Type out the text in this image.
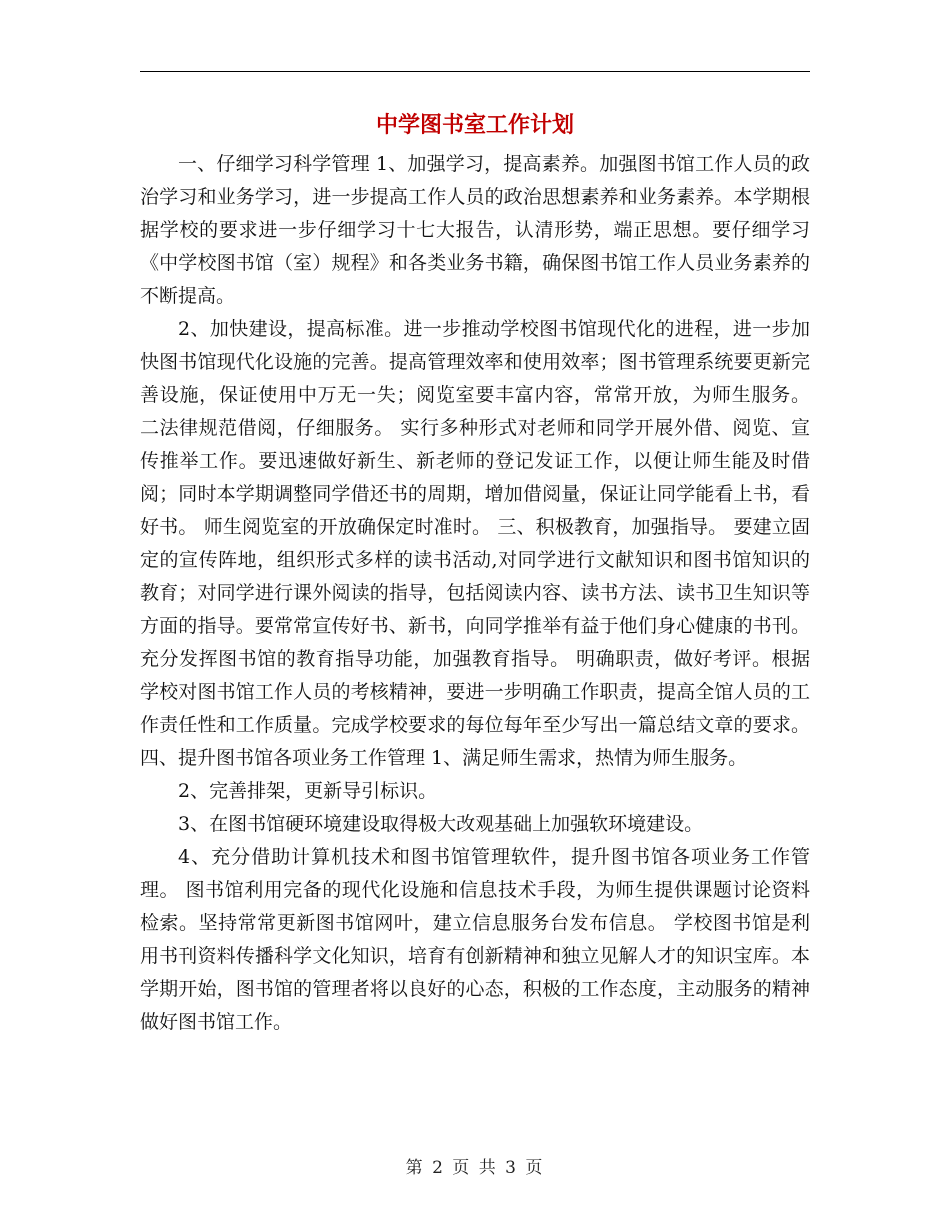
中学图书室工作计划

一、仔细学习科学管理 1、加强学习，提高素养。加强图书馆工作人员的政治学习和业务学习，进一步提高工作人员的政治思想素养和业务素养。本学期根据学校的要求进一步仔细学习十七大报告，认清形势，端正思想。要仔细学习《中学校图书馆（室）规程》和各类业务书籍，确保图书馆工作人员业务素养的不断提高。

2、加快建设，提高标准。进一步推动学校图书馆现代化的进程，进一步加快图书馆现代化设施的完善。提高管理效率和使用效率；图书管理系统要更新完善设施，保证使用中万无一失；阅览室要丰富内容，常常开放，为师生服务。 二法律规范借阅，仔细服务。 实行多种形式对老师和同学开展外借、阅览、宣传推举工作。要迅速做好新生、新老师的登记发证工作，以便让师生能及时借阅；同时本学期调整同学借还书的周期，增加借阅量，保证让同学能看上书，看好书。 师生阅览室的开放确保定时准时。 三、积极教育，加强指导。 要建立固定的宣传阵地，组织形式多样的读书活动,对同学进行文献知识和图书馆知识的教育；对同学进行课外阅读的指导，包括阅读内容、读书方法、读书卫生知识等方面的指导。要常常宣传好书、新书，向同学推举有益于他们身心健康的书刊。充分发挥图书馆的教育指导功能，加强教育指导。 明确职责，做好考评。根据学校对图书馆工作人员的考核精神，要进一步明确工作职责，提高全馆人员的工作责任性和工作质量。完成学校要求的每位每年至少写出一篇总结文章的要求。 四、提升图书馆各项业务工作管理 1、满足师生需求，热情为师生服务。

2、完善排架，更新导引标识。

3、在图书馆硬环境建设取得极大改观基础上加强软环境建设。

4、充分借助计算机技术和图书馆管理软件，提升图书馆各项业务工作管理。 图书馆利用完备的现代化设施和信息技术手段，为师生提供课题讨论资料检索。坚持常常更新图书馆网叶，建立信息服务台发布信息。 学校图书馆是利用书刊资料传播科学文化知识，培育有创新精神和独立见解人才的知识宝库。本学期开始，图书馆的管理者将以良好的心态，积极的工作态度，主动服务的精神做好图书馆工作。

第 2 页 共 3 页
